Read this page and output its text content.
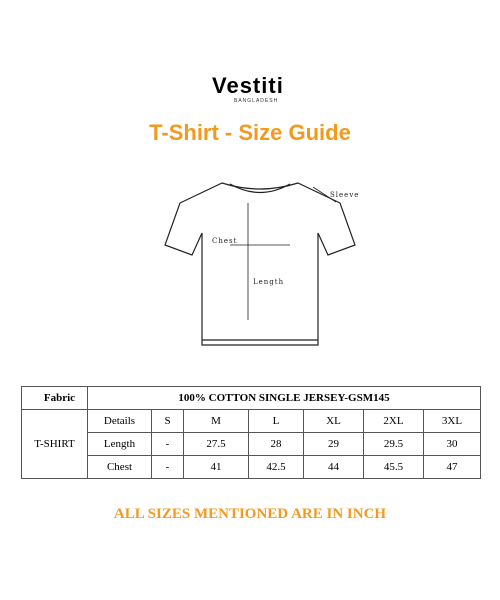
Vestiti
BANGLADESH
T-Shirt - Size Guide
Sleeve
Chest
Length
Fabric	100% COTTON SINGLE JERSEY-GSM145						
T-SHIRT	Details	S	M	L	XL	2XL	3XL
	Length	-	27.5	28	29	29.5	30
	Chest	-	41	42.5	44	45.5	47
ALL SIZES MENTIONED ARE IN INCH
